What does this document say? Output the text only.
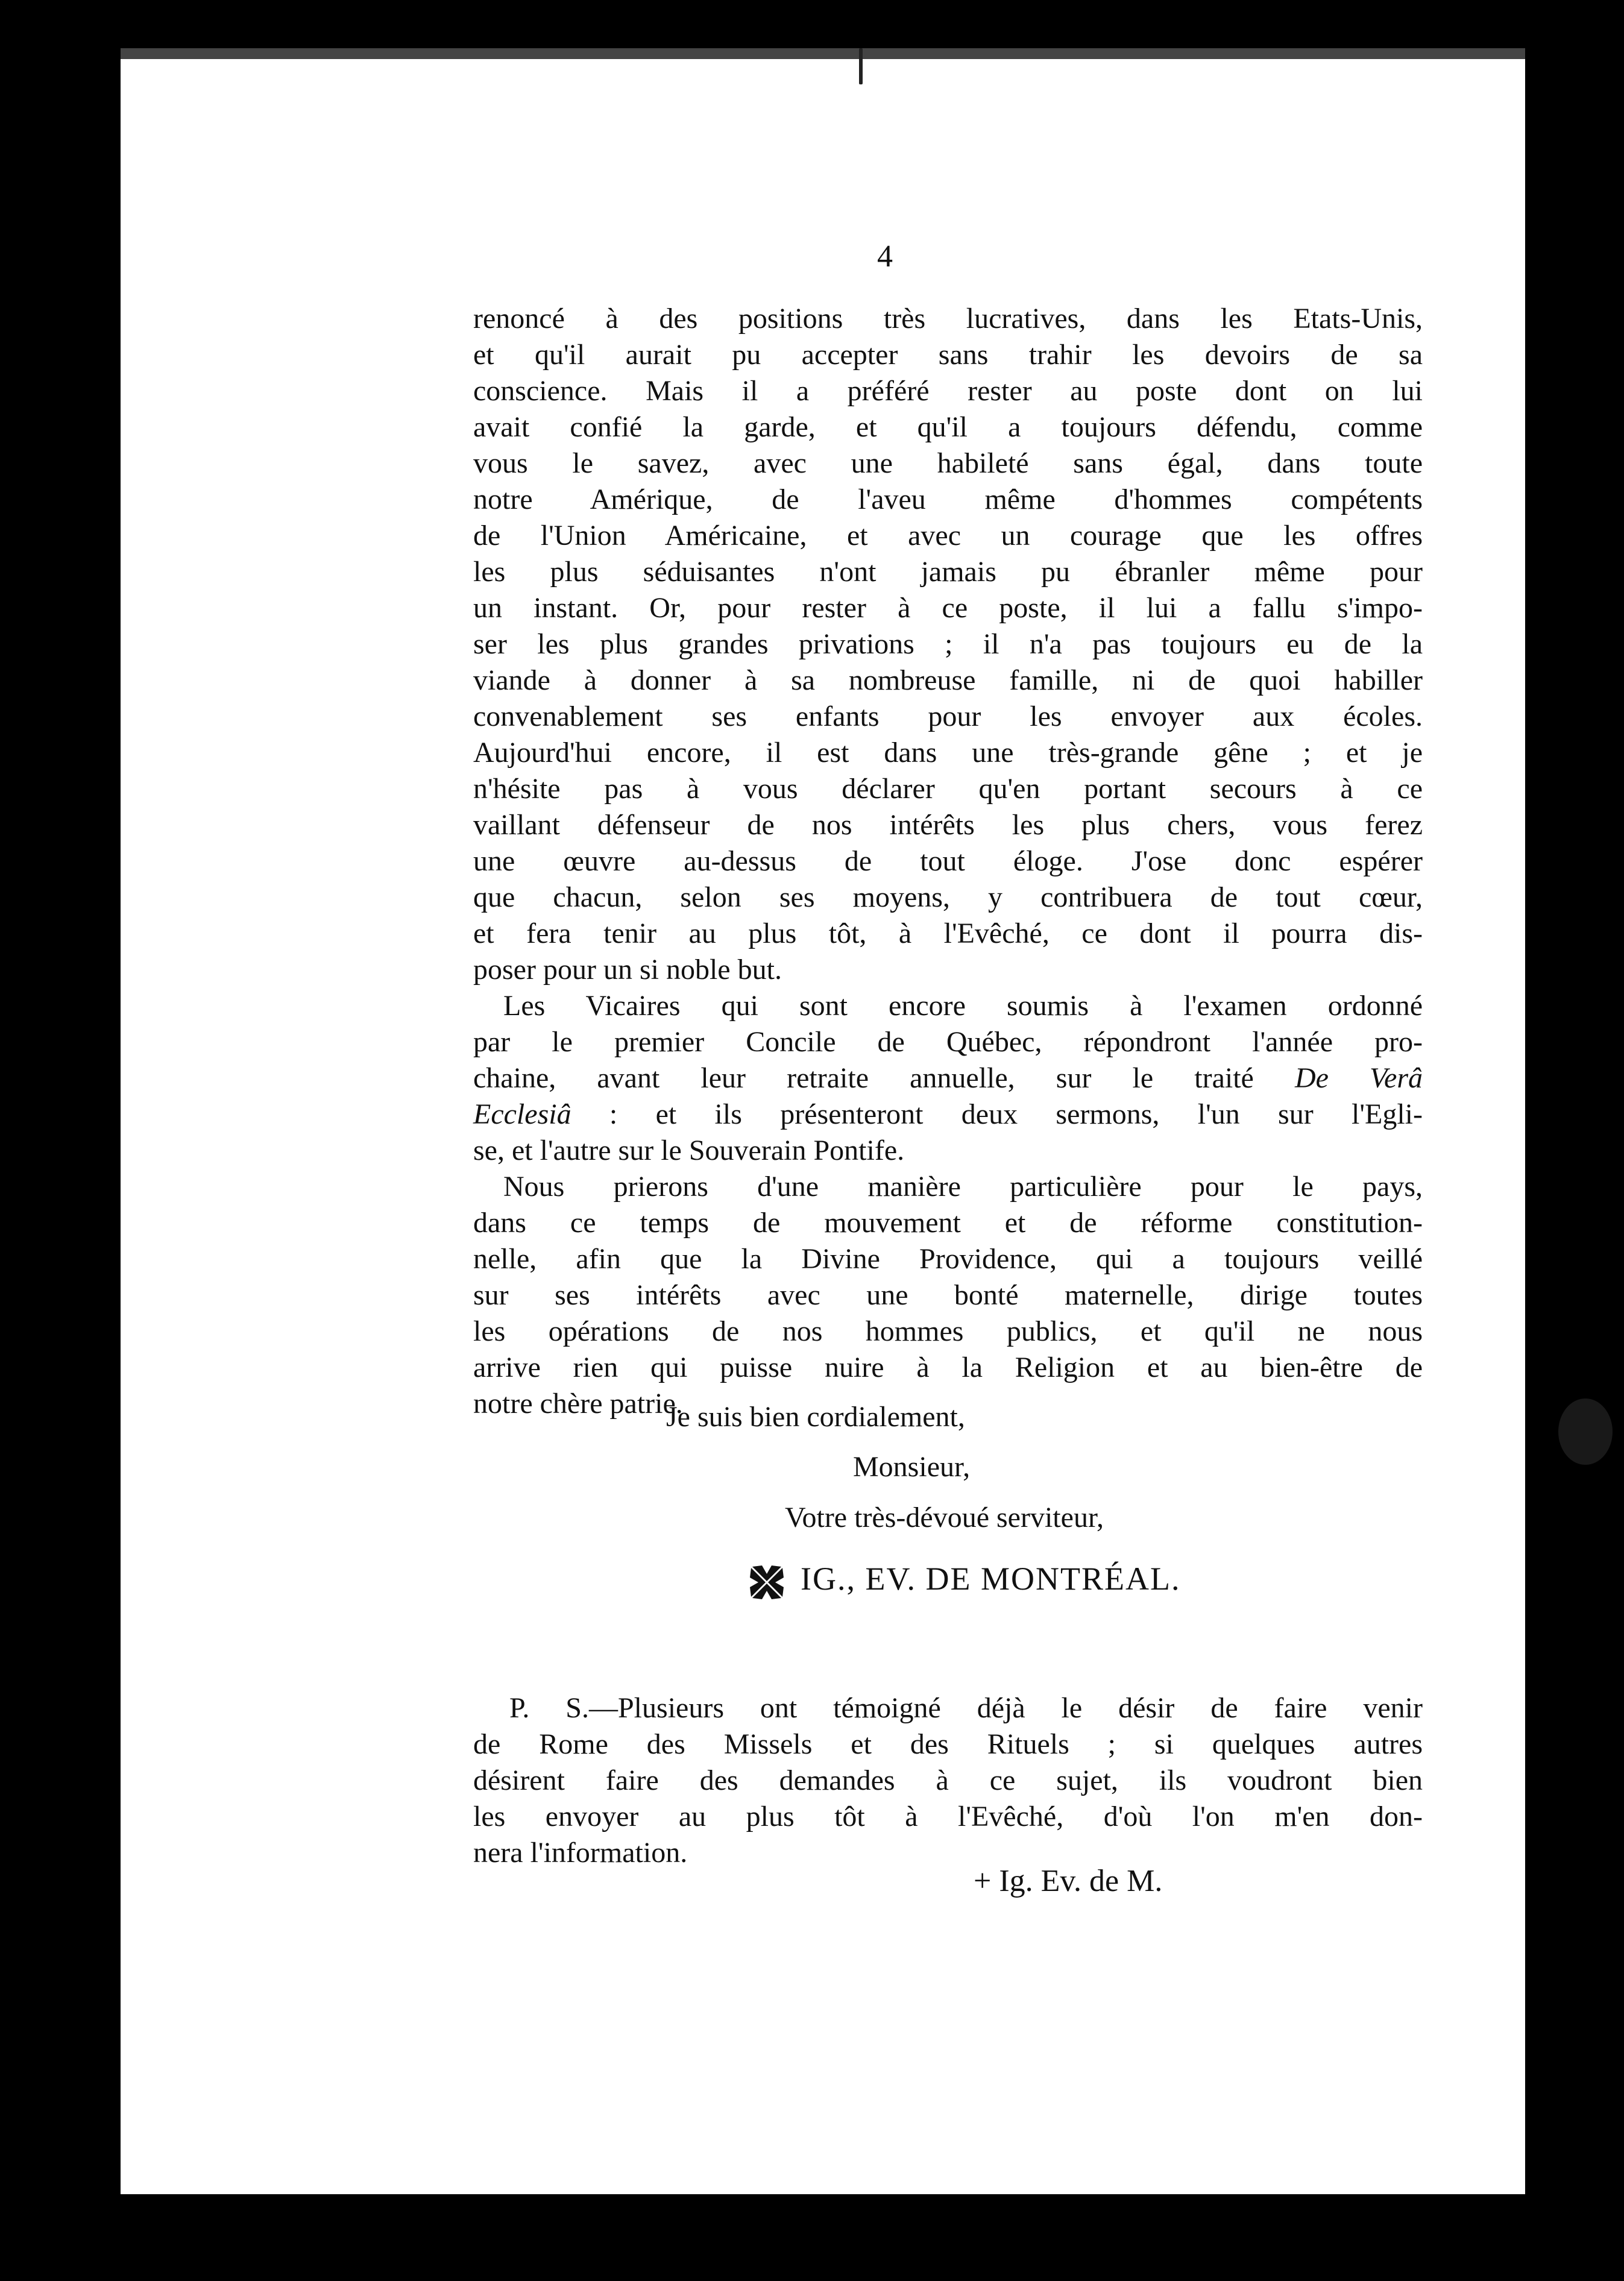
4
renoncé à des positions très lucratives, dans les Etats-Unis,
et qu'il aurait pu accepter sans trahir les devoirs de sa
conscience. Mais il a préféré rester au poste dont on lui
avait confié la garde, et qu'il a toujours défendu, comme
vous le savez, avec une habileté sans égal, dans toute
notre Amérique, de l'aveu même d'hommes compétents
de l'Union Américaine, et avec un courage que les offres
les plus séduisantes n'ont jamais pu ébranler même pour
un instant. Or, pour rester à ce poste, il lui a fallu s'impo-
ser les plus grandes privations ; il n'a pas toujours eu de la
viande à donner à sa nombreuse famille, ni de quoi habiller
convenablement ses enfants pour les envoyer aux écoles.
Aujourd'hui encore, il est dans une très-grande gêne ; et je
n'hésite pas à vous déclarer qu'en portant secours à ce
vaillant défenseur de nos intérêts les plus chers, vous ferez
une œuvre au-dessus de tout éloge. J'ose donc espérer
que chacun, selon ses moyens, y contribuera de tout cœur,
et fera tenir au plus tôt, à l'Evêché, ce dont il pourra dis-
poser pour un si noble but.
Les Vicaires qui sont encore soumis à l'examen ordonné
par le premier Concile de Québec, répondront l'année pro-
chaine, avant leur retraite annuelle, sur le traité De Verâ
Ecclesiâ : et ils présenteront deux sermons, l'un sur l'Egli-
se, et l'autre sur le Souverain Pontife.
Nous prierons d'une manière particulière pour le pays,
dans ce temps de mouvement et de réforme constitution-
nelle, afin que la Divine Providence, qui a toujours veillé
sur ses intérêts avec une bonté maternelle, dirige toutes
les opérations de nos hommes publics, et qu'il ne nous
arrive rien qui puisse nuire à la Religion et au bien-être de
notre chère patrie.
Je suis bien cordialement,
Monsieur,
Votre très-dévoué serviteur,
IG., EV. DE MONTRÉAL.
P. S.—Plusieurs ont témoigné déjà le désir de faire venir
de Rome des Missels et des Rituels ; si quelques autres
désirent faire des demandes à ce sujet, ils voudront bien
les envoyer au plus tôt à l'Evêché, d'où l'on m'en don-
nera l'information.
+ Ig. Ev. de M.
